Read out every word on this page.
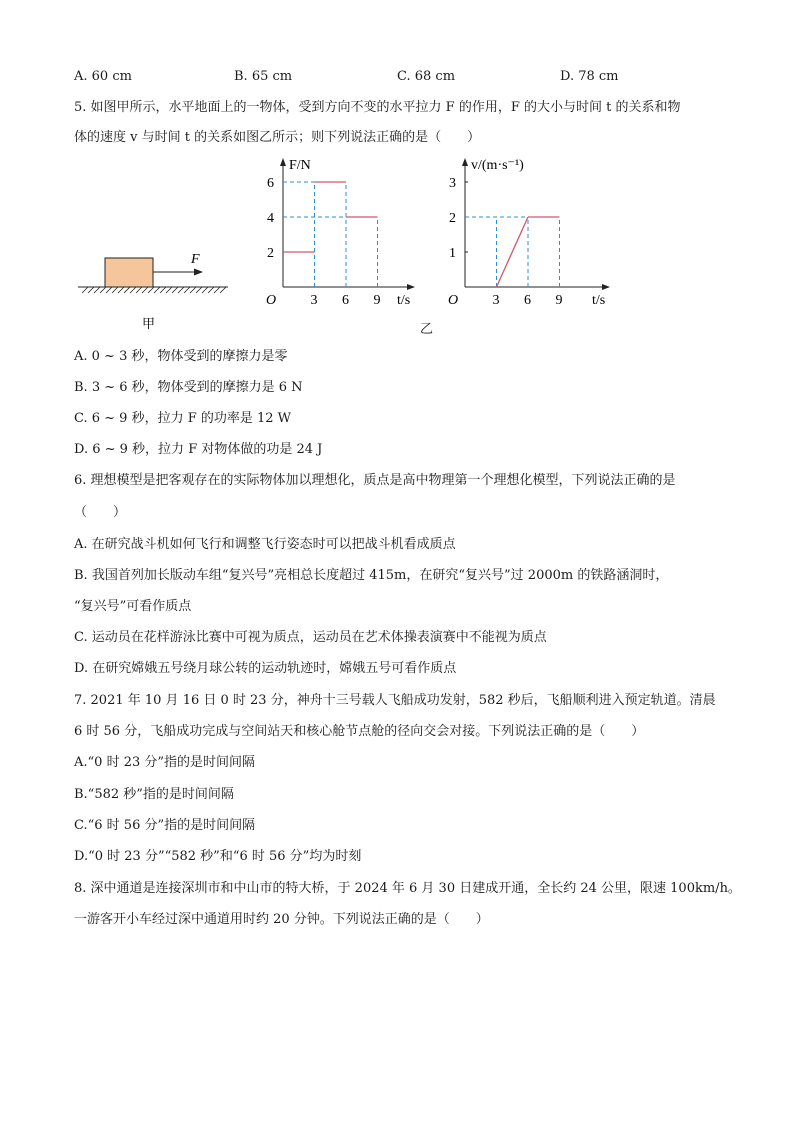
A. 60 cm	B. 65 cm	C. 68 cm	D. 78 cm
5. 如图甲所示，水平地面上的一物体，受到方向不变的水平拉力 F 的作用，F 的大小与时间 t 的关系和物
体的速度 v 与时间 t 的关系如图乙所示；则下列说法正确的是（　　）
F
甲
O 3 6 9
2
4
6
t/s
F/N
O 3 6 9
1
2
3
t/s
v/(m·s⁻¹)
乙
A. 0 ~ 3 秒，物体受到的摩擦力是零
B. 3 ~ 6 秒，物体受到的摩擦力是 6 N
C. 6 ~ 9 秒，拉力 F 的功率是 12 W
D. 6 ~ 9 秒，拉力 F 对物体做的功是 24 J
6. 理想模型是把客观存在的实际物体加以理想化，质点是高中物理第一个理想化模型，下列说法正确的是
（　　）
A. 在研究战斗机如何飞行和调整飞行姿态时可以把战斗机看成质点
B. 我国首列加长版动车组“复兴号”亮相总长度超过 415m，在研究“复兴号”过 2000m 的铁路涵洞时，
“复兴号”可看作质点
C. 运动员在花样游泳比赛中可视为质点，运动员在艺术体操表演赛中不能视为质点
D. 在研究嫦娥五号绕月球公转的运动轨迹时，嫦娥五号可看作质点
7. 2021 年 10 月 16 日 0 时 23 分，神舟十三号载人飞船成功发射，582 秒后，飞船顺利进入预定轨道。清晨
6 时 56 分，飞船成功完成与空间站天和核心舱节点舱的径向交会对接。下列说法正确的是（　　）
A.“0 时 23 分”指的是时间间隔
B.“582 秒”指的是时间间隔
C.“6 时 56 分”指的是时间间隔
D.“0 时 23 分”“582 秒”和“6 时 56 分”均为时刻
8. 深中通道是连接深圳市和中山市的特大桥，于 2024 年 6 月 30 日建成开通，全长约 24 公里，限速 100km/h。
一游客开小车经过深中通道用时约 20 分钟。下列说法正确的是（　　）
